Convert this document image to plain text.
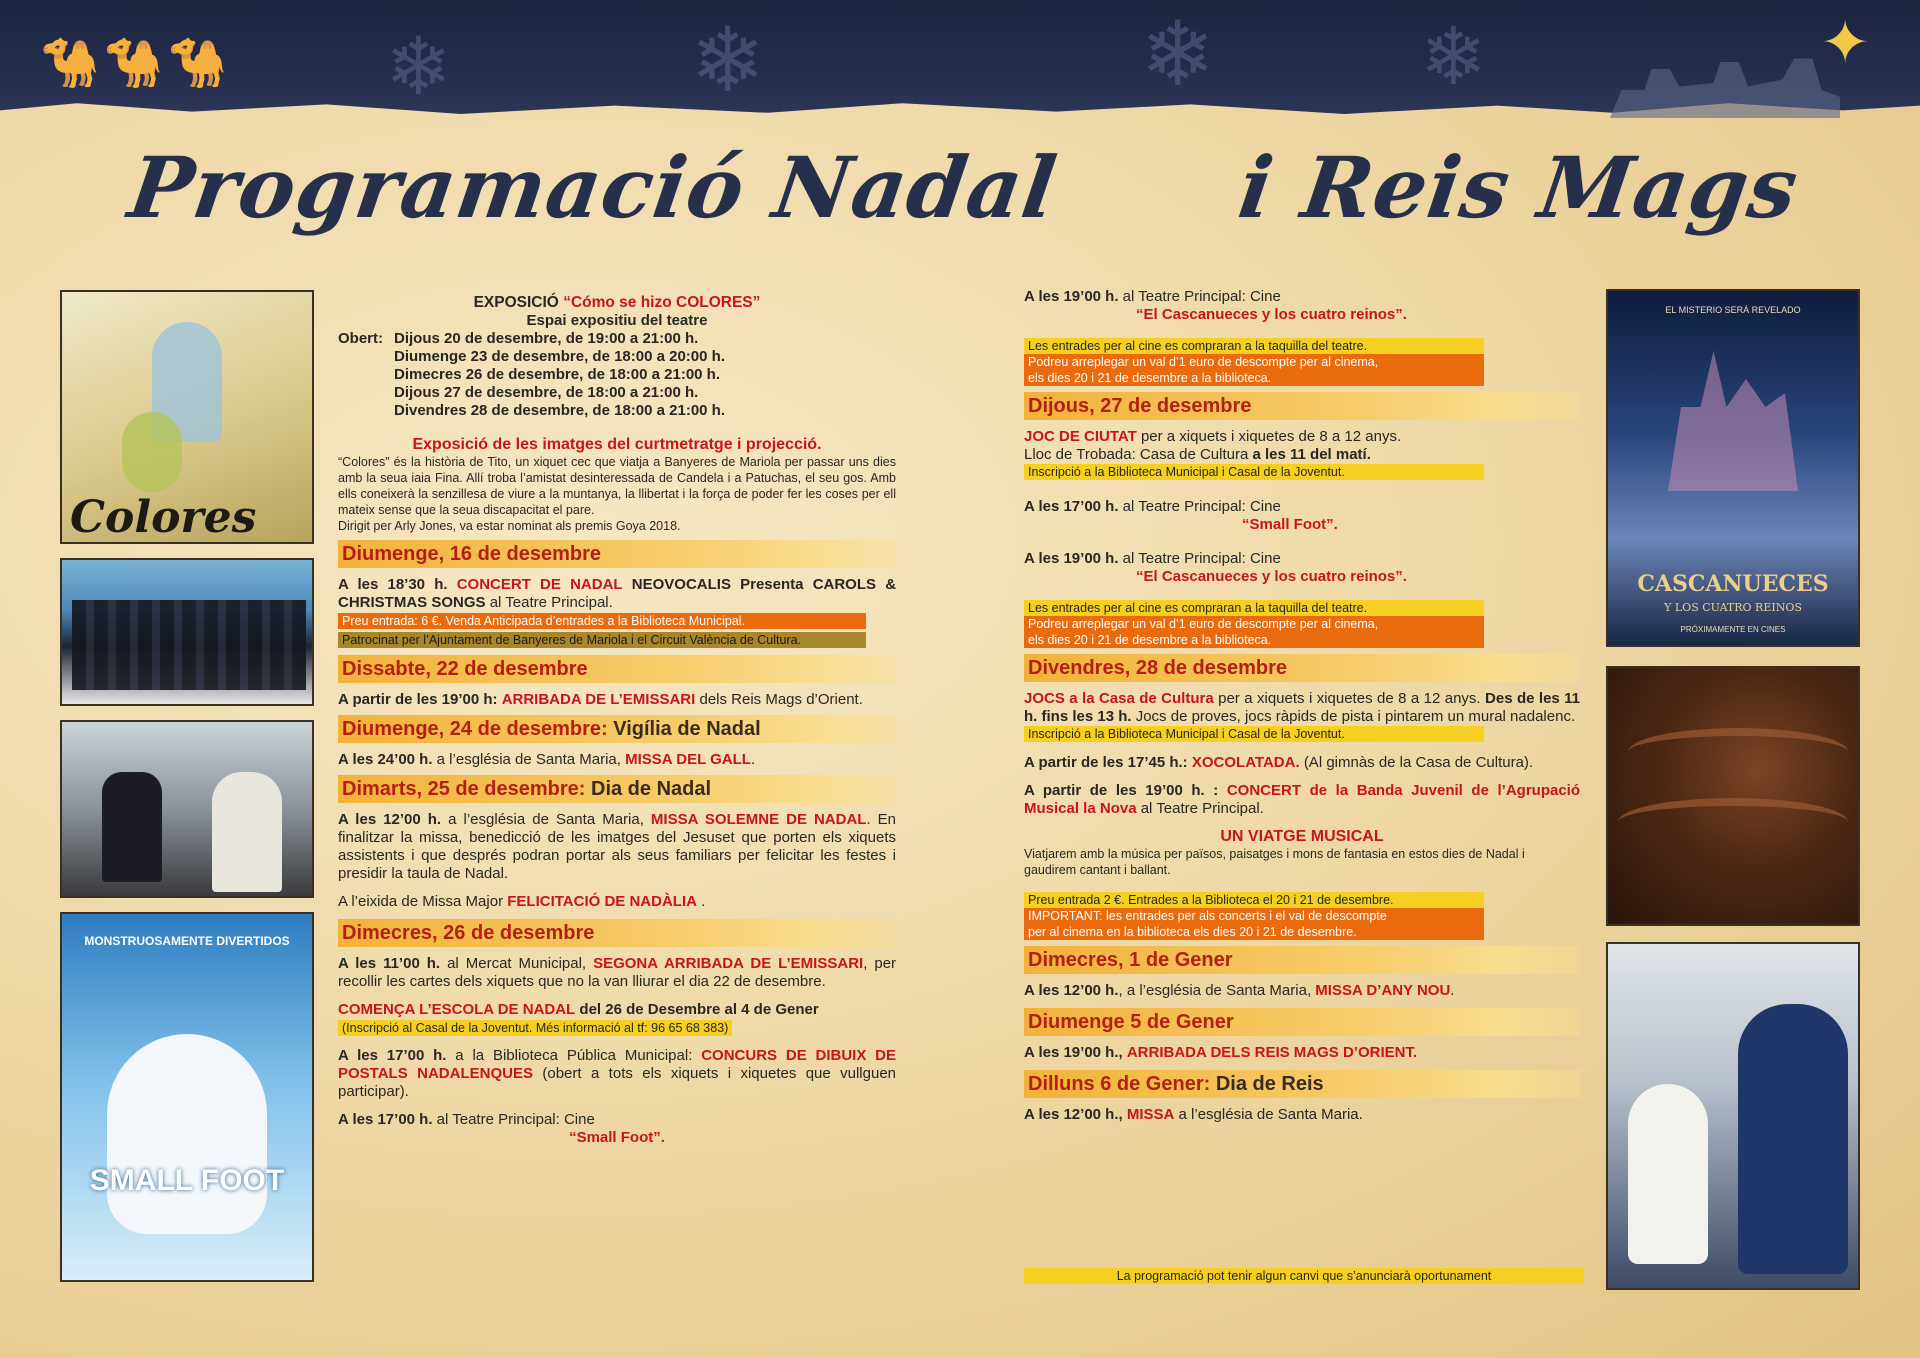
🐪🐪🐪 ❄	❄	❄	❄	✦
Programació Nadal i Reis Mags
Colores
MONSTRUOSAMENTE DIVERTIDOS
SMALL FOOT
EL MISTERIO SERÁ REVELADO
CASCANUECES
Y LOS CUATRO REINOS
PRÓXIMAMENTE EN CINES
EXPOSICIÓ “Cómo se hizo COLORES”
Espai expositiu del teatre
Obert: Dijous 20 de desembre, de 19:00 a 21:00 h.
Diumenge 23 de desembre, de 18:00 a 20:00 h.
Dimecres 26 de desembre, de 18:00 a 21:00 h.
Dijous 27 de desembre, de 18:00 a 21:00 h.
Divendres 28 de desembre, de 18:00 a 21:00 h.
Exposició de les imatges del curtmetratge i projecció.

“Colores” és la història de Tito, un xiquet cec que viatja a Banyeres de Mariola per passar uns dies amb la seua iaia Fina. Allí troba l’amistat desinteressada de Candela i a Patuchas, el seu gos. Amb ells coneixerà la senzillesa de viure a la muntanya, la llibertat i la força de poder fer les coses per ell mateix sense que la seua discapacitat el pare.

Dirigit per Arly Jones, va estar nominat als premis Goya 2018.

Diumenge, 16 de desembre

A les 18’30 h. CONCERT DE NADAL NEOVOCALIS Presenta CAROLS & CHRISTMAS SONGS al Teatre Principal.

Preu entrada: 6 €. Venda Anticipada d’entrades a la Biblioteca Municipal. Patrocinat per l’Ajuntament de Banyeres de Mariola i el Circuit València de Cultura.
Dissabte, 22 de desembre

A partir de les 19’00 h: ARRIBADA DE L’EMISSARI dels Reis Mags d’Orient.

Diumenge, 24 de desembre: Vigília de Nadal

A les 24’00 h. a l’església de Santa Maria, MISSA DEL GALL.

Dimarts, 25 de desembre: Dia de Nadal

A les 12’00 h. a l’església de Santa Maria, MISSA SOLEMNE DE NADAL. En finalitzar la missa, benedicció de les imatges del Jesuset que porten els xiquets assistents i que després podran portar als seus familiars per felicitar les festes i presidir la taula de Nadal.

A l’eixida de Missa Major FELICITACIÓ DE NADÀLIA .

Dimecres, 26 de desembre

A les 11’00 h. al Mercat Municipal, SEGONA ARRIBADA DE L’EMISSARI, per recollir les cartes dels xiquets que no la van lliurar el dia 22 de desembre.

COMENÇA L’ESCOLA DE NADAL del 26 de Desembre al 4 de Gener

(Inscripció al Casal de la Joventut. Més informació al tf: 96 65 68 383)

A les 17’00 h. a la Biblioteca Pública Municipal: CONCURS DE DIBUIX DE POSTALS NADALENQUES (obert a tots els xiquets i xiquetes que vullguen participar).

A les 17’00 h. al Teatre Principal: Cine

“Small Foot”.

A les 19’00 h. al Teatre Principal: Cine

“El Cascanueces y los cuatro reinos”.

Les entrades per al cine es compraran a la taquilla del teatre.
Podreu arreplegar un val d’1 euro de descompte per al cinema,
els dies 20 i 21 de desembre a la biblioteca.
Dijous, 27 de desembre

JOC DE CIUTAT per a xiquets i xiquetes de 8 a 12 anys.

Lloc de Trobada: Casa de Cultura a les 11 del matí.

Inscripció a la Biblioteca Municipal i Casal de la Joventut.

A les 17’00 h. al Teatre Principal: Cine

“Small Foot”.

A les 19’00 h. al Teatre Principal: Cine

“El Cascanueces y los cuatro reinos”.

Les entrades per al cine es compraran a la taquilla del teatre.
Podreu arreplegar un val d’1 euro de descompte per al cinema,
els dies 20 i 21 de desembre a la biblioteca.
Divendres, 28 de desembre

JOCS a la Casa de Cultura per a xiquets i xiquetes de 8 a 12 anys. Des de les 11 h. fins les 13 h. Jocs de proves, jocs ràpids de pista i pintarem un mural nadalenc.

Inscripció a la Biblioteca Municipal i Casal de la Joventut.

A partir de les 17’45 h.: XOCOLATADA. (Al gimnàs de la Casa de Cultura).

A partir de les 19’00 h. : CONCERT de la Banda Juvenil de l’Agrupació Musical la Nova al Teatre Principal.

UN VIATGE MUSICAL

Viatjarem amb la música per països, paisatges i mons de fantasia en estos dies de Nadal i gaudirem cantant i ballant.

Preu entrada 2 €. Entrades a la Biblioteca el 20 i 21 de desembre.
IMPORTANT: les entrades per als concerts i el val de descompte
per al cinema en la biblioteca els dies 20 i 21 de desembre.
Dimecres, 1 de Gener

A les 12’00 h., a l’església de Santa Maria, MISSA D’ANY NOU.

Diumenge 5 de Gener

A les 19’00 h., ARRIBADA DELS REIS MAGS D’ORIENT.

Dilluns 6 de Gener: Dia de Reis

A les 12’00 h., MISSA a l’església de Santa Maria.

La programació pot tenir algun canvi que s’anunciarà oportunament
